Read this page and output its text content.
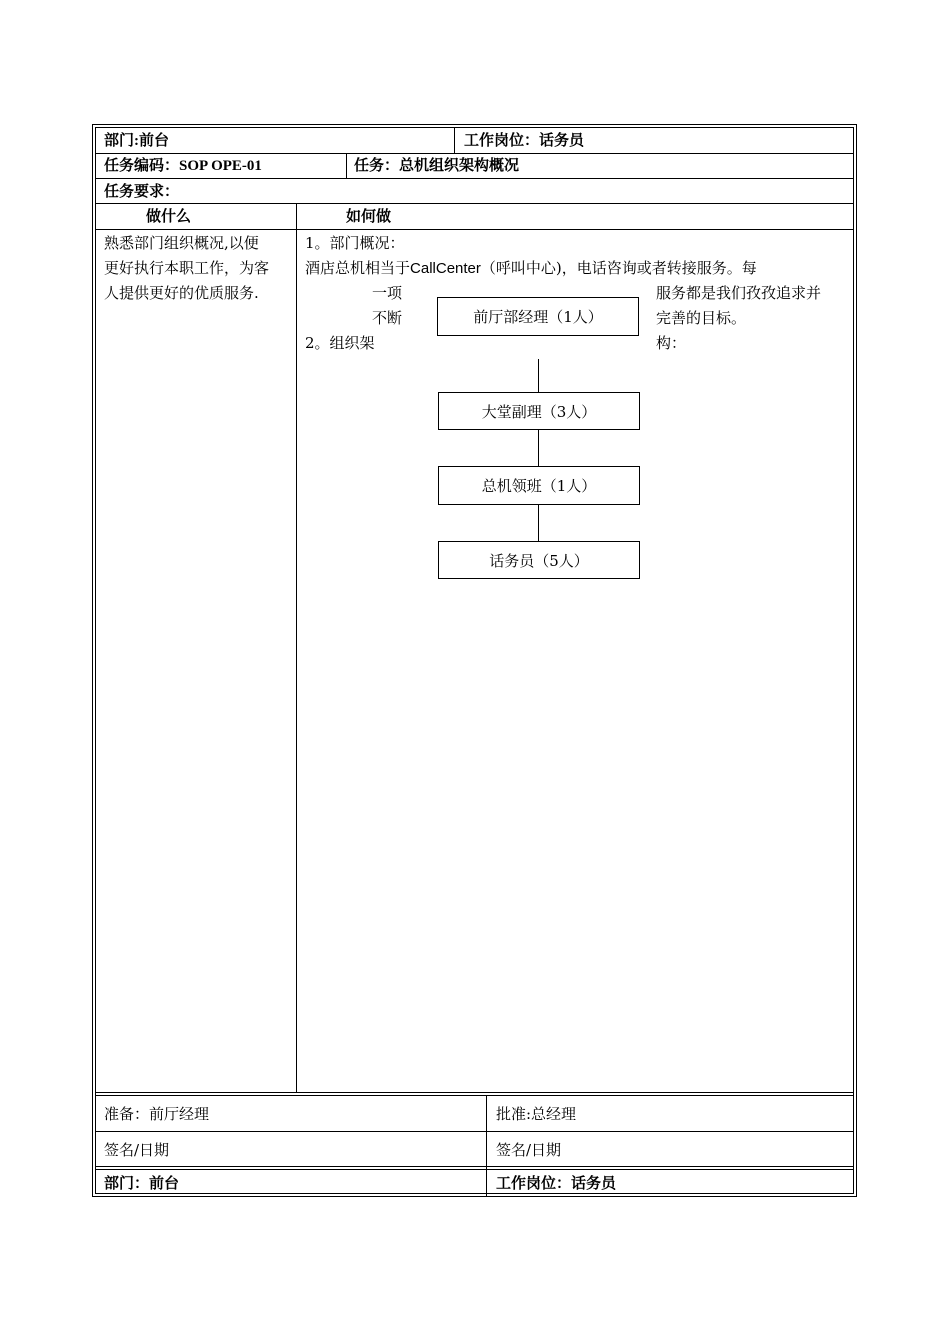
部门:前台	工作岗位：话务员
任务编码：SOP OPE-01	任务：总机组织架构概况
任务要求：
做什么	如何做
熟悉部门组织概况,以便
更好执行本职工作，为客
人提供更好的优质服务.
1。部门概况：
酒店总机相当于CallCenter（呼叫中心)，电话咨询或者转接服务。每
一项	服务都是我们孜孜追求并
不断	完善的目标。
2。组织架	构：
前厅部经理（1人）
大堂副理（3人）
总机领班（1人）
话务员（5人）
准备：前厅经理	批准:总经理
签名/日期	签名/日期
部门：前台	工作岗位：话务员
